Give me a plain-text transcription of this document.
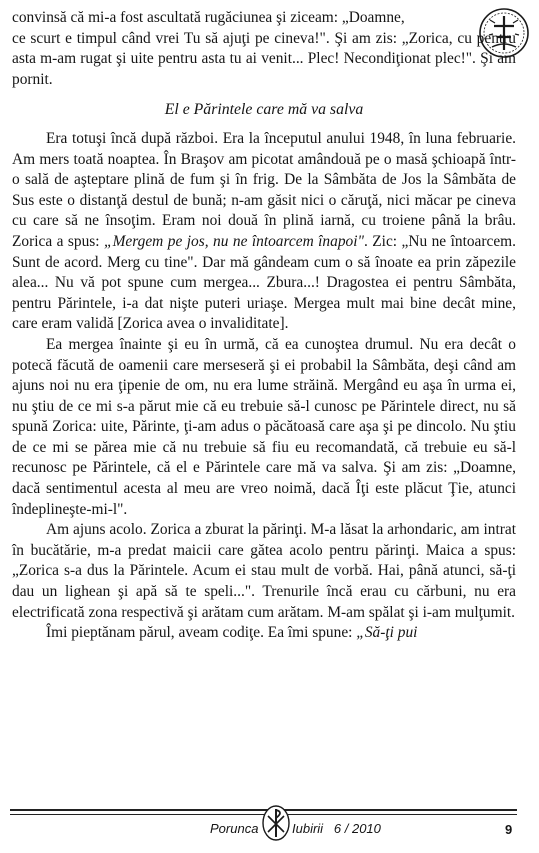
convinsă că mi-a fost ascultată rugăciunea şi ziceam: „Doamne,

ce scurt e timpul când vrei Tu să ajuţi pe cineva!". Şi am zis: „Zorica, cu pentru asta m-am rugat şi uite pentru asta tu ai venit... Plec! Necondiţionat plec!". Şi am pornit.

El e Părintele care mă va salva

Era totuşi încă după război. Era la începutul anului 1948, în luna februarie. Am mers toată noaptea. În Braşov am picotat amândouă pe o masă şchioapă într-o sală de aşteptare plină de fum şi în frig. De la Sâmbăta de Jos la Sâmbăta de Sus este o distanţă destul de bună; n-am găsit nici o căruţă, nici măcar pe cineva cu care să ne însoţim. Eram noi două în plină iarnă, cu troiene până la brâu. Zorica a spus: „Mergem pe jos, nu ne întoarcem înapoi". Zic: „Nu ne întoarcem. Sunt de acord. Merg cu tine". Dar mă gândeam cum o să înoate ea prin zăpezile alea... Nu vă pot spune cum mergea... Zbura...! Dragostea ei pentru Sâmbăta, pentru Părintele, i-a dat nişte puteri uriaşe. Mergea mult mai bine decât mine, care eram validă [Zorica avea o invaliditate].

Ea mergea înainte şi eu în urmă, că ea cunoştea drumul. Nu era decât o potecă făcută de oamenii care merseseră şi ei probabil la Sâmbăta, deşi când am ajuns noi nu era ţipenie de om, nu era lume străină. Mergând eu aşa în urma ei, nu ştiu de ce mi s-a părut mie că eu trebuie să-l cunosc pe Părintele direct, nu să spună Zorica: uite, Părinte, ţi-am adus o păcătoasă care aşa şi pe dincolo. Nu ştiu de ce mi se părea mie că nu trebuie să fiu eu recomandată, că trebuie eu să-l recunosc pe Părintele, că el e Părintele care mă va salva. Şi am zis: „Doamne, dacă sentimentul acesta al meu are vreo noimă, dacă Îţi este plăcut Ţie, atunci îndeplineşte-mi-l".

Am ajuns acolo. Zorica a zburat la părinţi. M-a lăsat la arhondaric, am intrat în bucătărie, m-a predat maicii care gătea acolo pentru părinţi. Maica a spus: „Zorica s-a dus la Părintele. Acum ei stau mult de vorbă. Hai, până atunci, să-ţi dau un lighean şi apă să te speli...". Trenurile încă erau cu cărbuni, nu era electrificată zona respectivă şi arătam cum arătam. M-am spălat şi i-am mulţumit.

Îmi pieptănam părul, aveam codiţe. Ea îmi spune: „Să-ţi pui

Porunca	Iubirii   6 / 2010	9
